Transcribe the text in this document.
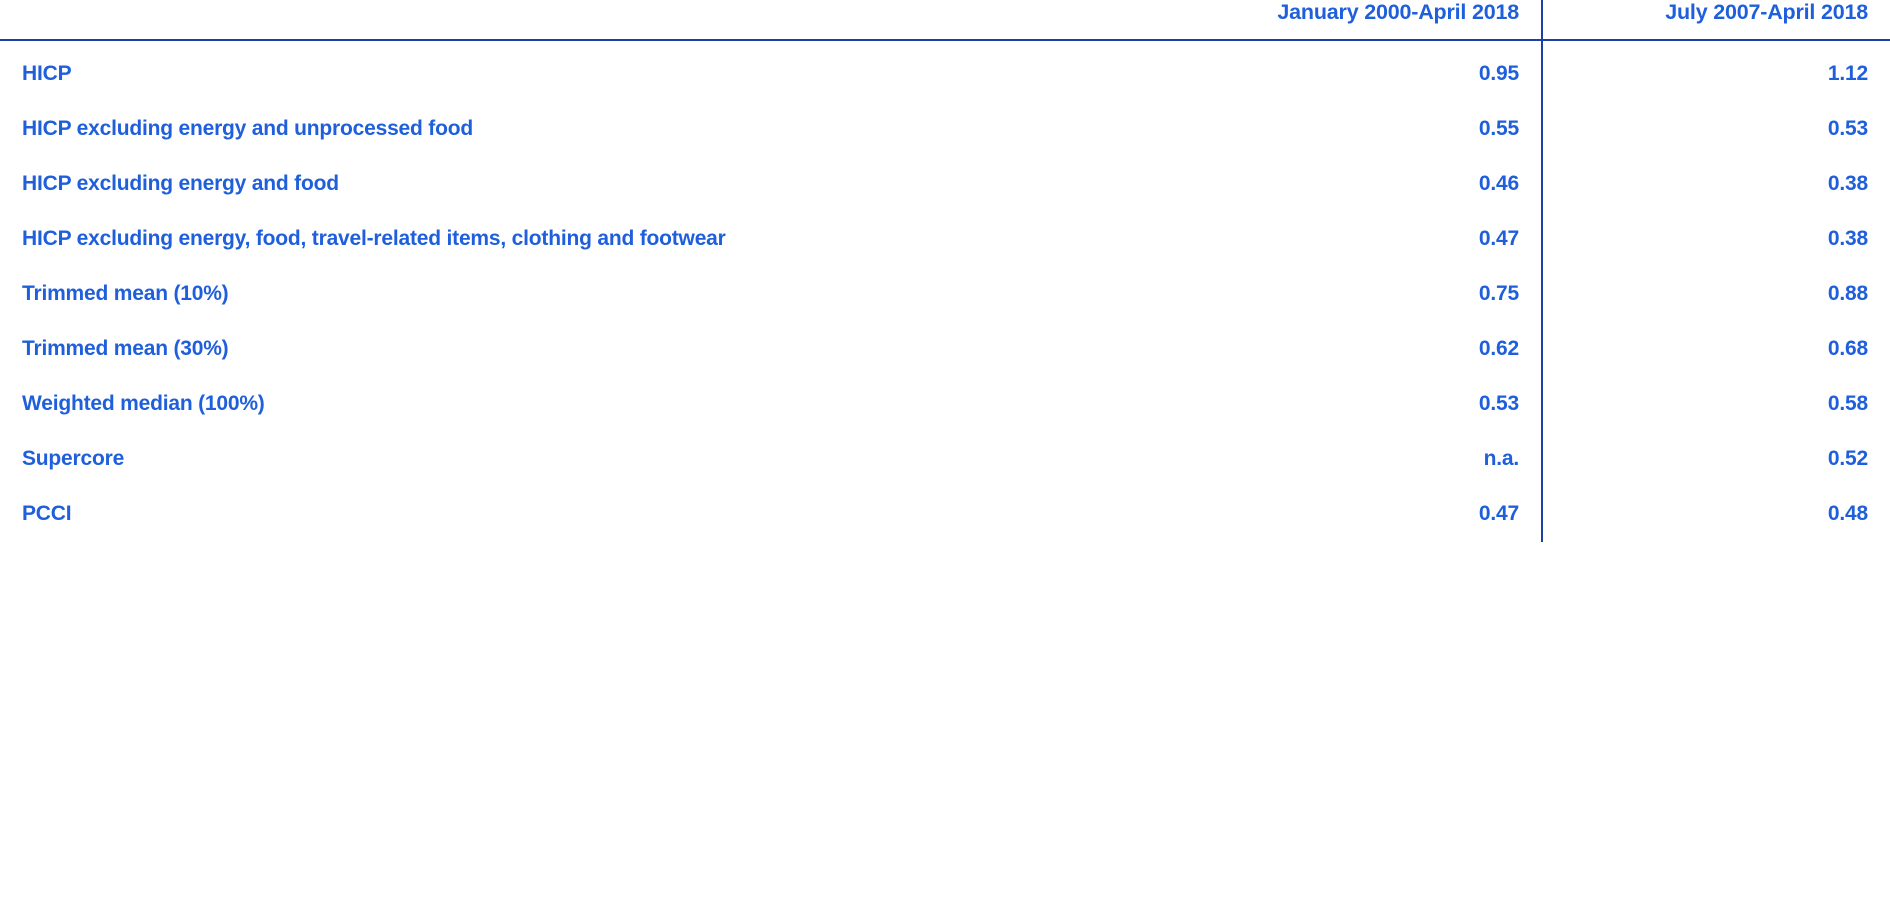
	January 2000-April 2018	July 2007-April 2018
HICP	0.95	1.12
HICP excluding energy and unprocessed food	0.55	0.53
HICP excluding energy and food	0.46	0.38
HICP excluding energy, food, travel-related items, clothing and footwear	0.47	0.38
Trimmed mean (10%)	0.75	0.88
Trimmed mean (30%)	0.62	0.68
Weighted median (100%)	0.53	0.58
Supercore	n.a.	0.52
PCCI	0.47	0.48
